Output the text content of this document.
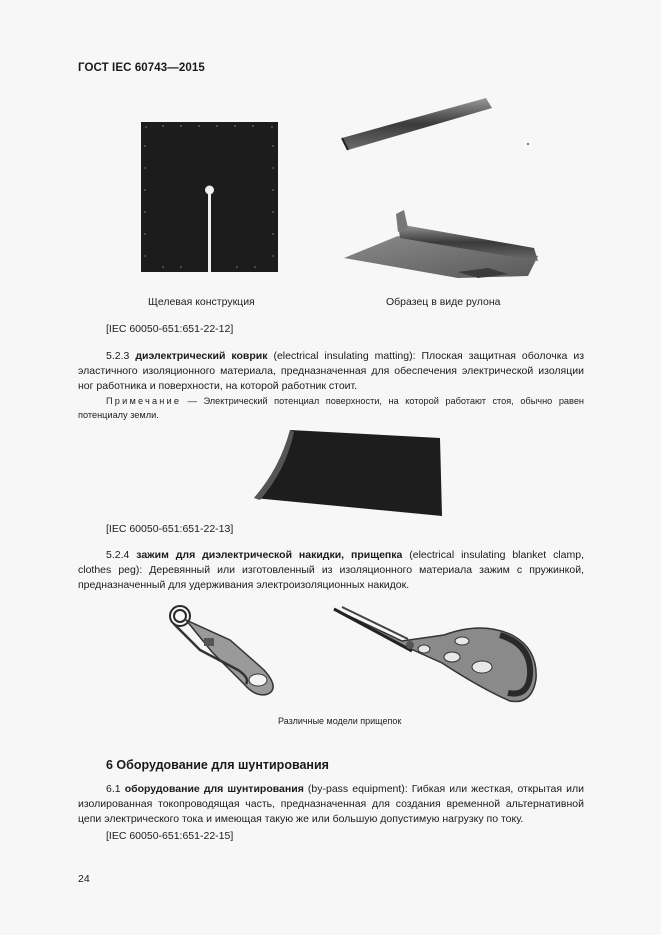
ГОСТ IEC 60743—2015
Щелевая конструкция	Образец в виде рулона
[IEC 60050-651:651-22-12]
5.2.3 диэлектрический коврик (electrical insulating matting): Плоская защитная оболочка из эластичного изоляционного материала, предназначенная для обеспечения электрической изоляции ног работника и поверхности, на которой работник стоит.
Примечание — Электрический потенциал поверхности, на которой работают стоя, обычно равен потенциалу земли.
[IEC 60050-651:651-22-13]
5.2.4 зажим для диэлектрической накидки, прищепка (electrical insulating blanket clamp, clothes peg): Деревянный или изготовленный из изоляционного материала зажим с пружинкой, предназначенный для удерживания электроизоляционных накидок.
Различные модели прищепок
6 Оборудование для шунтирования
6.1 оборудование для шунтирования (by-pass equipment): Гибкая или жесткая, открытая или изолированная токопроводящая часть, предназначенная для создания временной альтернативной цепи электрического тока и имеющая такую же или большую допустимую нагрузку по току.
[IEC 60050-651:651-22-15]
24
